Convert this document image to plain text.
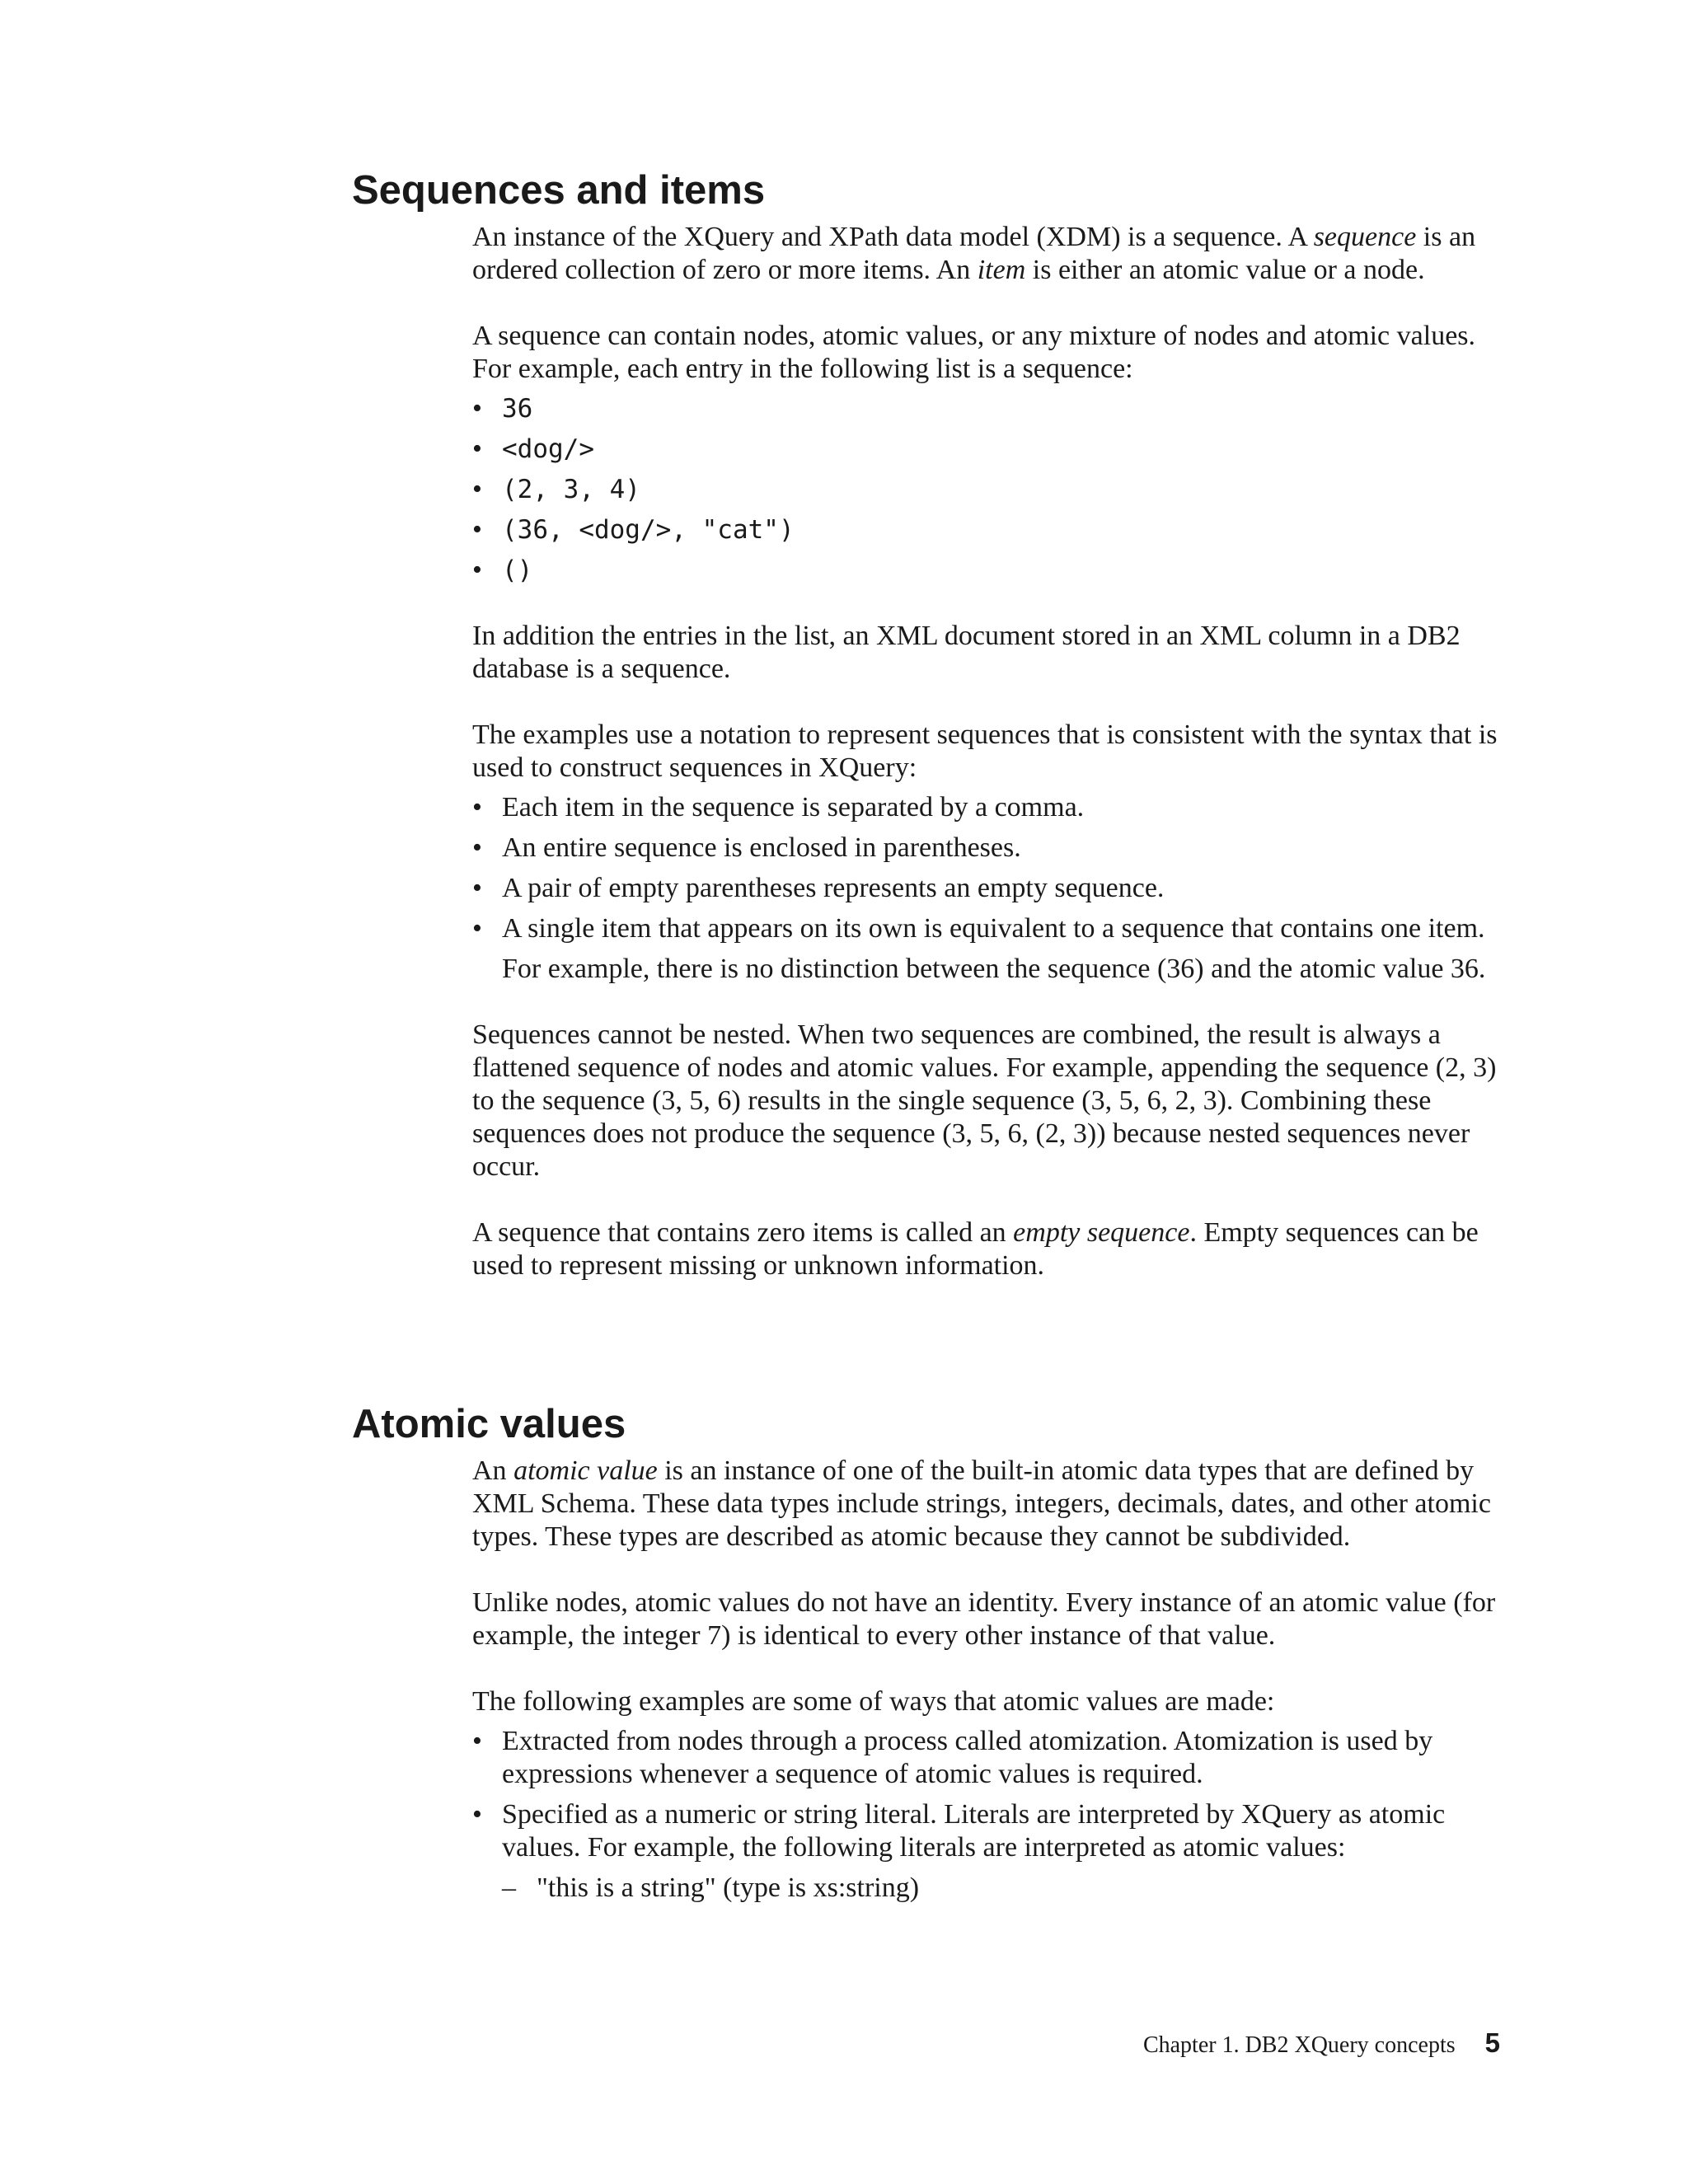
Sequences and items

An instance of the XQuery and XPath data model (XDM) is a sequence. A sequence is an ordered collection of zero or more items. An item is either an atomic value or a node.

A sequence can contain nodes, atomic values, or any mixture of nodes and atomic values. For example, each entry in the following list is a sequence:

• 36
• <dog/>
• (2, 3, 4)
• (36, <dog/>, "cat")
• ()

In addition the entries in the list, an XML document stored in an XML column in a DB2 database is a sequence.

The examples use a notation to represent sequences that is consistent with the syntax that is used to construct sequences in XQuery:

• Each item in the sequence is separated by a comma.
• An entire sequence is enclosed in parentheses.
• A pair of empty parentheses represents an empty sequence.
• A single item that appears on its own is equivalent to a sequence that contains one item.
For example, there is no distinction between the sequence (36) and the atomic value 36.

Sequences cannot be nested. When two sequences are combined, the result is always a flattened sequence of nodes and atomic values. For example, appending the sequence (2, 3) to the sequence (3, 5, 6) results in the single sequence (3, 5, 6, 2, 3). Combining these sequences does not produce the sequence (3, 5, 6, (2, 3)) because nested sequences never occur.

A sequence that contains zero items is called an empty sequence. Empty sequences can be used to represent missing or unknown information.

Atomic values

An atomic value is an instance of one of the built-in atomic data types that are defined by XML Schema. These data types include strings, integers, decimals, dates, and other atomic types. These types are described as atomic because they cannot be subdivided.

Unlike nodes, atomic values do not have an identity. Every instance of an atomic value (for example, the integer 7) is identical to every other instance of that value.

The following examples are some of ways that atomic values are made:

• Extracted from nodes through a process called atomization. Atomization is used by expressions whenever a sequence of atomic values is required.
• Specified as a numeric or string literal. Literals are interpreted by XQuery as atomic values. For example, the following literals are interpreted as atomic values:
– "this is a string" (type is xs:string)
Chapter 1. DB2 XQuery concepts 5
